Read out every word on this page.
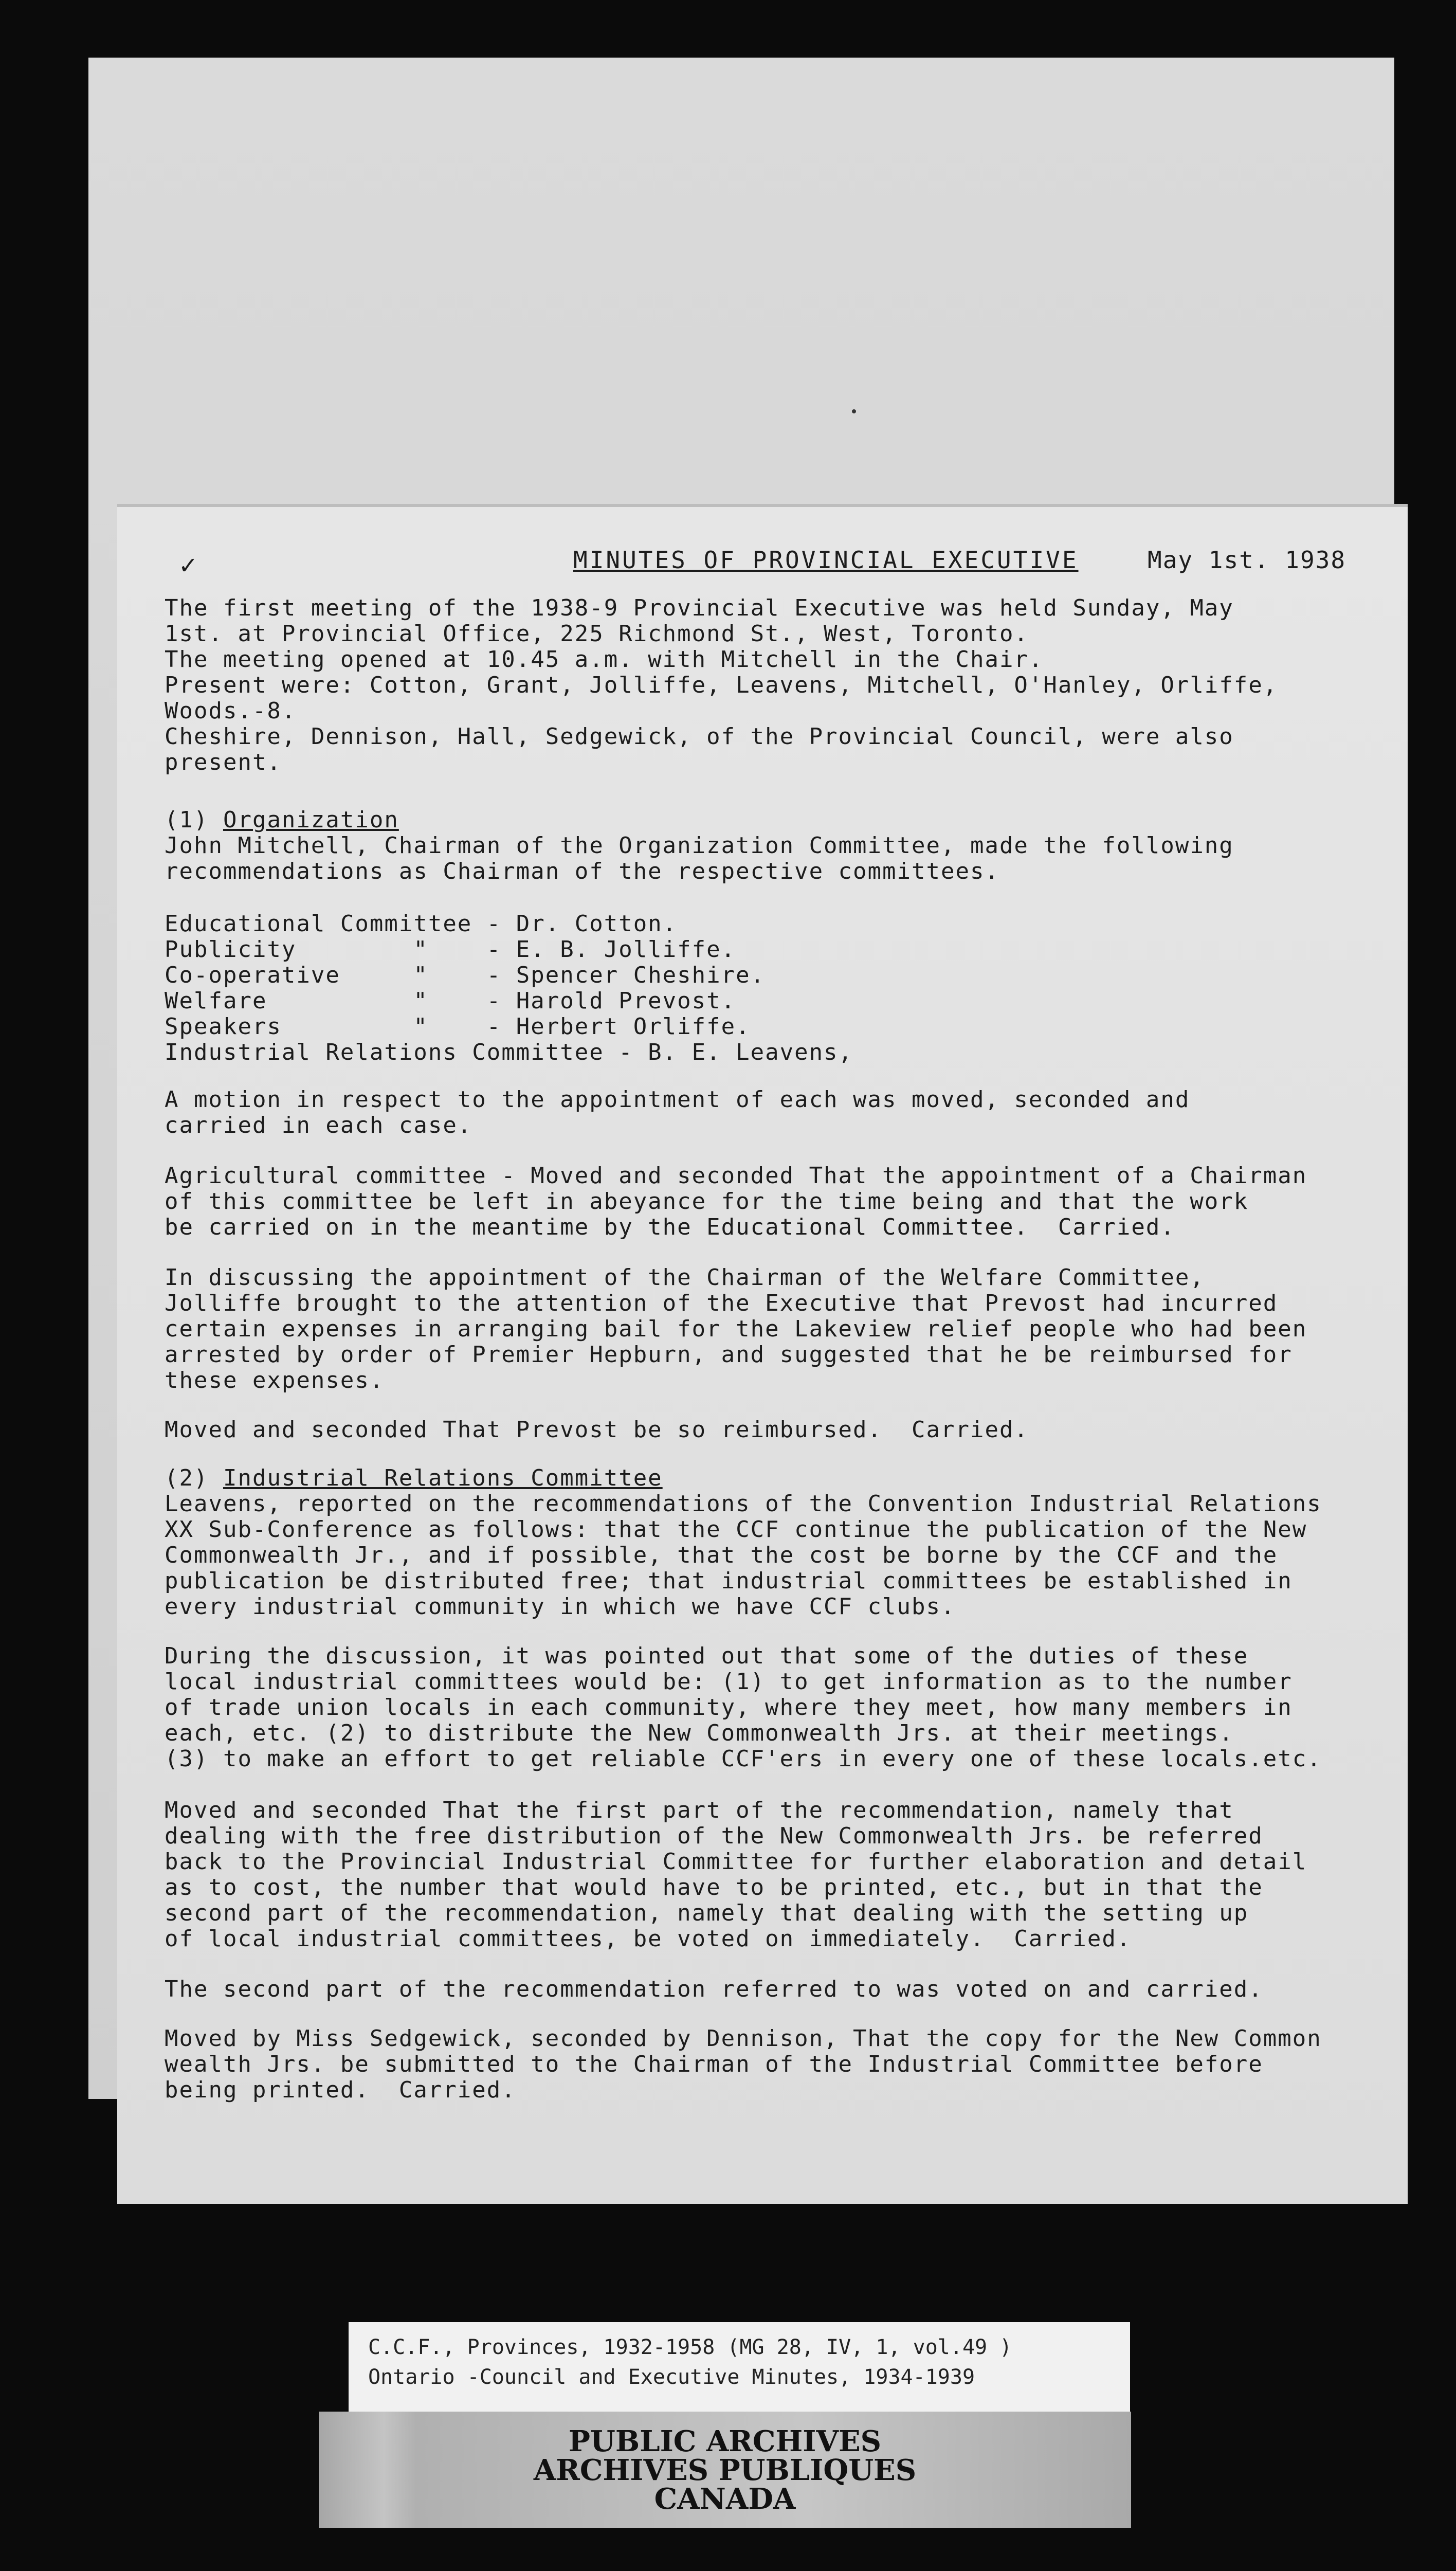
✓

	MINUTES OF PROVINCIAL EXECUTIVE

	May 1st. 1938

The first meeting of the 1938-9 Provincial Executive was held Sunday, May

1st. at Provincial Office, 225 Richmond St., West, Toronto.

The meeting opened at 10.45 a.m. with Mitchell in the Chair.

Present were: Cotton, Grant, Jolliffe, Leavens, Mitchell, O'Hanley, Orliffe,

Woods.-8.

Cheshire, Dennison, Hall, Sedgewick, of the Provincial Council, were also

present.

(1) Organization

John Mitchell, Chairman of the Organization Committee, made the following

recommendations as Chairman of the respective committees.

Educational Committee - Dr. Cotton.

Publicity        "    - E. B. Jolliffe.

Co-operative     "    - Spencer Cheshire.

Welfare          "    - Harold Prevost.

Speakers         "    - Herbert Orliffe.

Industrial Relations Committee - B. E. Leavens,

A motion in respect to the appointment of each was moved, seconded and

carried in each case.

Agricultural committee - Moved and seconded That the appointment of a Chairman

of this committee be left in abeyance for the time being and that the work

be carried on in the meantime by the Educational Committee.  Carried.

In discussing the appointment of the Chairman of the Welfare Committee,

Jolliffe brought to the attention of the Executive that Prevost had incurred

certain expenses in arranging bail for the Lakeview relief people who had been

arrested by order of Premier Hepburn, and suggested that he be reimbursed for

these expenses.

Moved and seconded That Prevost be so reimbursed.  Carried.

(2) Industrial Relations Committee

Leavens, reported on the recommendations of the Convention Industrial Relations

XX Sub-Conference as follows: that the CCF continue the publication of the New

Commonwealth Jr., and if possible, that the cost be borne by the CCF and the

publication be distributed free; that industrial committees be established in

every industrial community in which we have CCF clubs.

During the discussion, it was pointed out that some of the duties of these

local industrial committees would be: (1) to get information as to the number

of trade union locals in each community, where they meet, how many members in

each, etc. (2) to distribute the New Commonwealth Jrs. at their meetings.

(3) to make an effort to get reliable CCF'ers in every one of these locals.etc.

Moved and seconded That the first part of the recommendation, namely that

dealing with the free distribution of the New Commonwealth Jrs. be referred

back to the Provincial Industrial Committee for further elaboration and detail

as to cost, the number that would have to be printed, etc., but in that the

second part of the recommendation, namely that dealing with the setting up

of local industrial committees, be voted on immediately.  Carried.

The second part of the recommendation referred to was voted on and carried.

Moved by Miss Sedgewick, seconded by Dennison, That the copy for the New Common

wealth Jrs. be submitted to the Chairman of the Industrial Committee before

being printed.  Carried.

C.C.F., Provinces, 1932-1958 (MG 28, IV, 1, vol.49 )
Ontario -Council and Executive Minutes, 1934-1939
PUBLIC ARCHIVES
ARCHIVES PUBLIQUES
CANADA
